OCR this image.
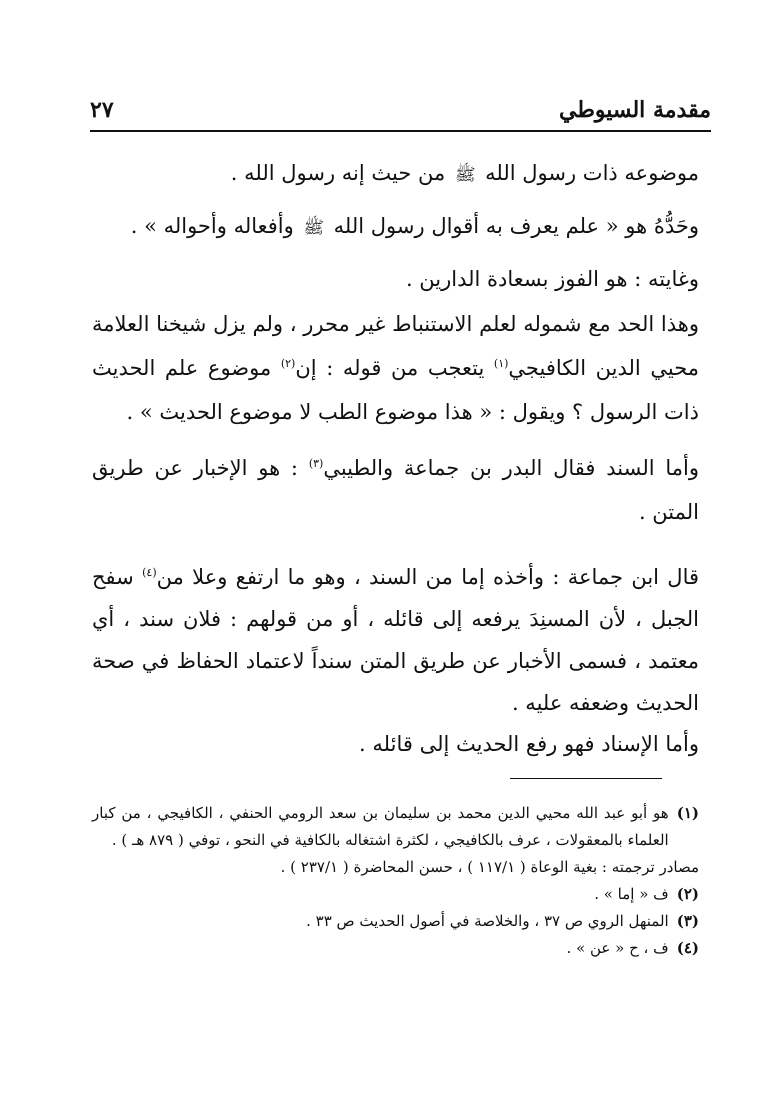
٢٧	مقدمة السيوطي

موضوعه ذات رسول الله ﷺ من حيث إنه رسول الله .

وحَدُّهُ هو « علم يعرف به أقوال رسول الله ﷺ وأفعاله وأحواله » .

وغايته : هو الفوز بسعادة الدارين .

وهذا الحد مع شموله لعلم الاستنباط غير محرر ، ولم يزل شيخنا العلامة محيي الدين الكافيجي$^{(١)}$ يتعجب من قوله : إن$^{(٢)}$ موضوع علم الحديث ذات الرسول ؟ ويقول : « هذا موضوع الطب لا موضوع الحديث » .

وأما السند فقال البدر بن جماعة والطيبي$^{(٣)}$ : هو الإخبار عن طريق المتن .

قال ابن جماعة : وأخذه إما من السند ، وهو ما ارتفع وعلا من$^{(٤)}$ سفح الجبل ، لأن المسنِدَ يرفعه إلى قائله ، أو من قولهم : فلان سند ، أي معتمد ، فسمى الأخبار عن طريق المتن سنداً لاعتماد الحفاظ في صحة الحديث وضعفه عليه .

وأما الإسناد فهو رفع الحديث إلى قائله .

(١)
هو أبو عبد الله محيي الدين محمد بن سليمان بن سعد الرومي الحنفي ، الكافيجي ، من كبار العلماء بالمعقولات ، عرف بالكافيجي ، لكثرة اشتغاله بالكافية في النحو ، توفي ( ٨٧٩ هـ ) .
مصادر ترجمته : بغية الوعاة ( ١١٧/١ ) ، حسن المحاضرة ( ٢٣٧/١ ) .
(٢)
ف « إما » .
(٣)
المنهل الروي ص ٣٧ ، والخلاصة في أصول الحديث ص ٣٣ .
(٤)
ف ، ح « عن » .
